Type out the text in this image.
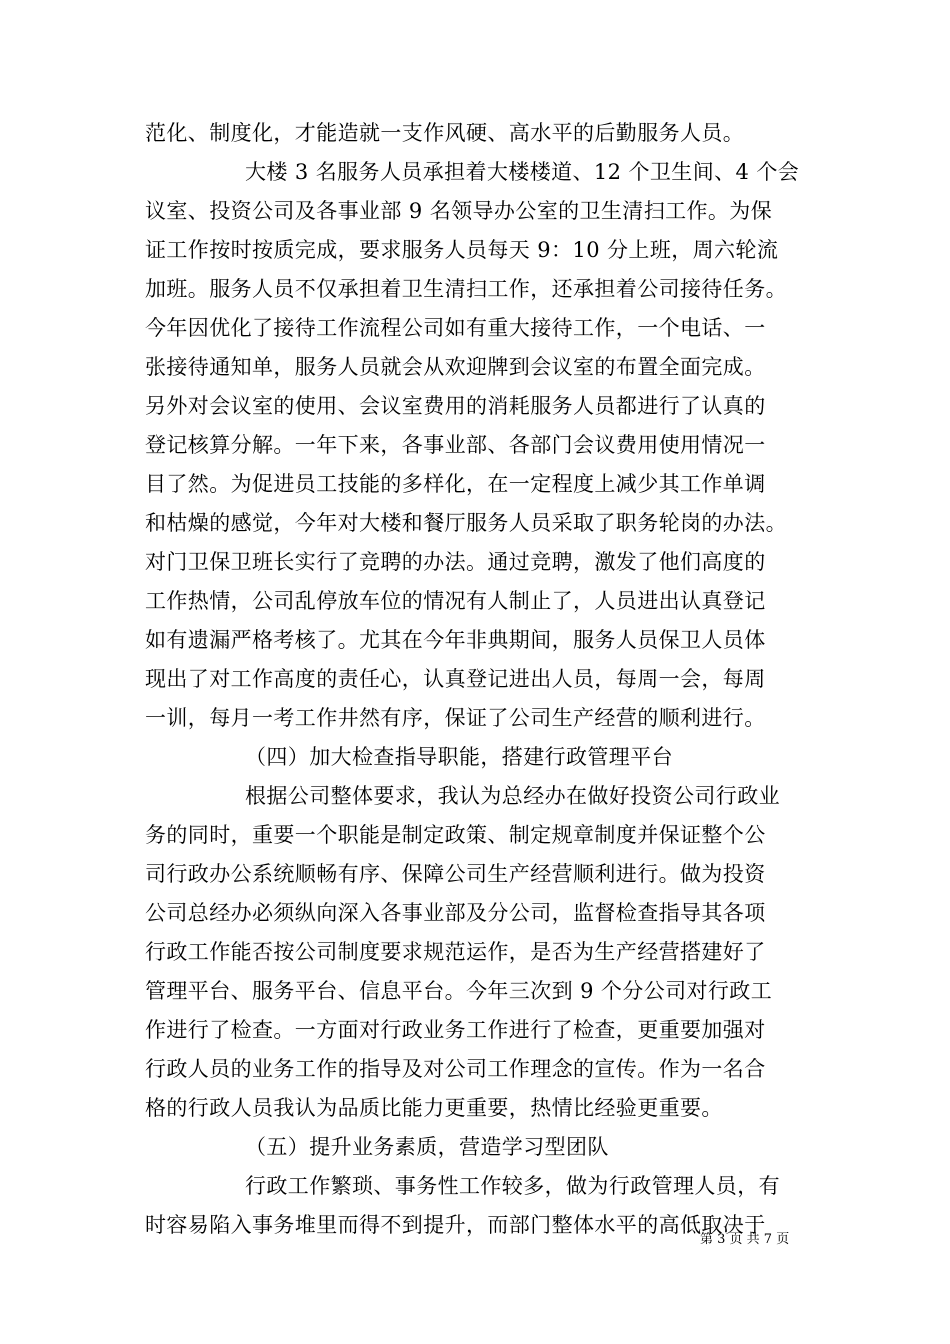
范化、制度化，才能造就一支作风硬、高水平的后勤服务人员。
大楼 3 名服务人员承担着大楼楼道、12 个卫生间、4 个会
议室、投资公司及各事业部 9 名领导办公室的卫生清扫工作。为保
证工作按时按质完成，要求服务人员每天 9：10 分上班，周六轮流
加班。服务人员不仅承担着卫生清扫工作，还承担着公司接待任务。
今年因优化了接待工作流程公司如有重大接待工作，一个电话、一
张接待通知单，服务人员就会从欢迎牌到会议室的布置全面完成。
另外对会议室的使用、会议室费用的消耗服务人员都进行了认真的
登记核算分解。一年下来，各事业部、各部门会议费用使用情况一
目了然。为促进员工技能的多样化，在一定程度上减少其工作单调
和枯燥的感觉，今年对大楼和餐厅服务人员采取了职务轮岗的办法。
对门卫保卫班长实行了竞聘的办法。通过竞聘，激发了他们高度的
工作热情，公司乱停放车位的情况有人制止了，人员进出认真登记
如有遗漏严格考核了。尤其在今年非典期间，服务人员保卫人员体
现出了对工作高度的责任心，认真登记进出人员，每周一会，每周
一训，每月一考工作井然有序，保证了公司生产经营的顺利进行。
（四）加大检查指导职能，搭建行政管理平台
根据公司整体要求，我认为总经办在做好投资公司行政业
务的同时，重要一个职能是制定政策、制定规章制度并保证整个公
司行政办公系统顺畅有序、保障公司生产经营顺利进行。做为投资
公司总经办必须纵向深入各事业部及分公司，监督检查指导其各项
行政工作能否按公司制度要求规范运作，是否为生产经营搭建好了
管理平台、服务平台、信息平台。今年三次到 9 个分公司对行政工
作进行了检查。一方面对行政业务工作进行了检查，更重要加强对
行政人员的业务工作的指导及对公司工作理念的宣传。作为一名合
格的行政人员我认为品质比能力更重要，热情比经验更重要。
（五）提升业务素质，营造学习型团队
行政工作繁琐、事务性工作较多，做为行政管理人员，有
时容易陷入事务堆里而得不到提升，而部门整体水平的高低取决于
第 3 页 共 7 页
